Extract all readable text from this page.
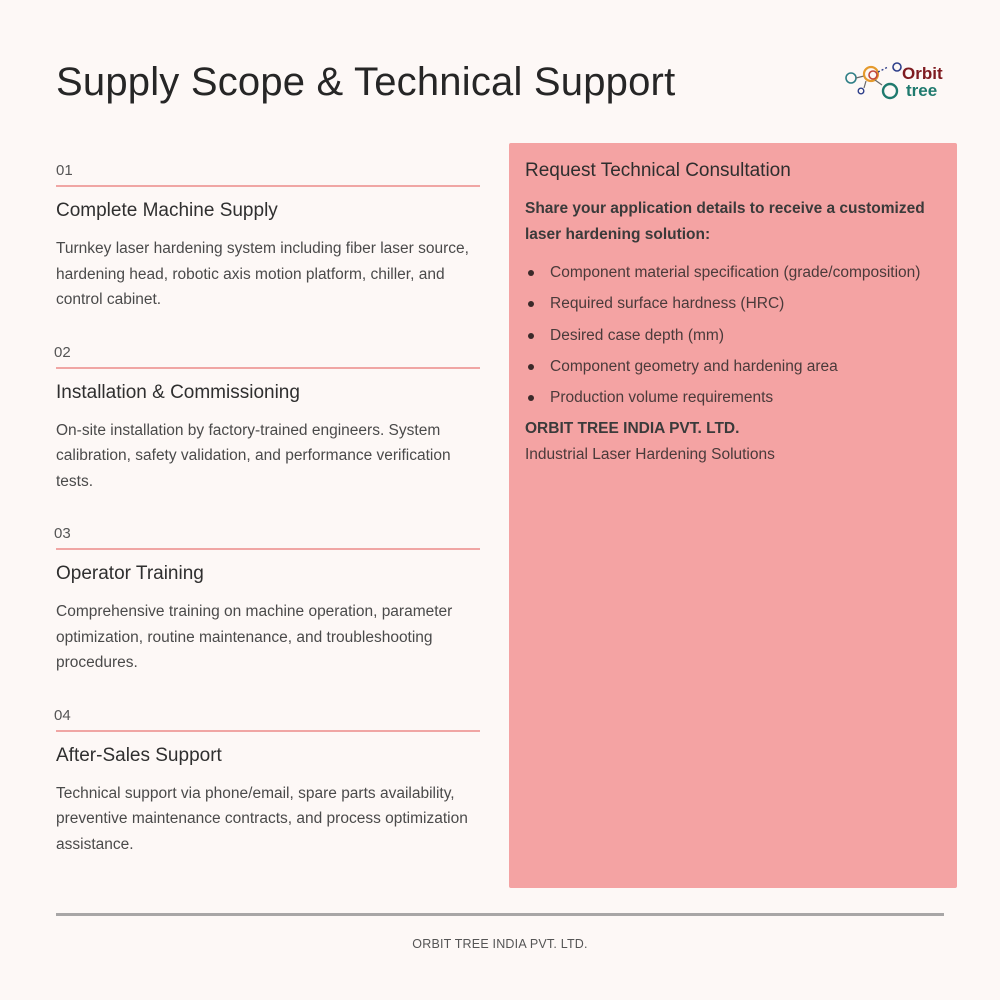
Supply Scope & Technical Support	Orbit
tree
01
Complete Machine Supply
Turnkey laser hardening system including fiber laser source, hardening head, robotic axis motion platform, chiller, and control cabinet.
02
Installation & Commissioning
On-site installation by factory-trained engineers. System calibration, safety validation, and performance verification tests.
03
Operator Training
Comprehensive training on machine operation, parameter optimization, routine maintenance, and troubleshooting procedures.
04
After-Sales Support
Technical support via phone/email, spare parts availability, preventive maintenance contracts, and process optimization assistance.
Request Technical Consultation
Share your application details to receive a customized laser hardening solution:
Component material specification (grade/composition)
Required surface hardness (HRC)
Desired case depth (mm)
Component geometry and hardening area
Production volume requirements
ORBIT TREE INDIA PVT. LTD.
Industrial Laser Hardening Solutions
ORBIT TREE INDIA PVT. LTD.
